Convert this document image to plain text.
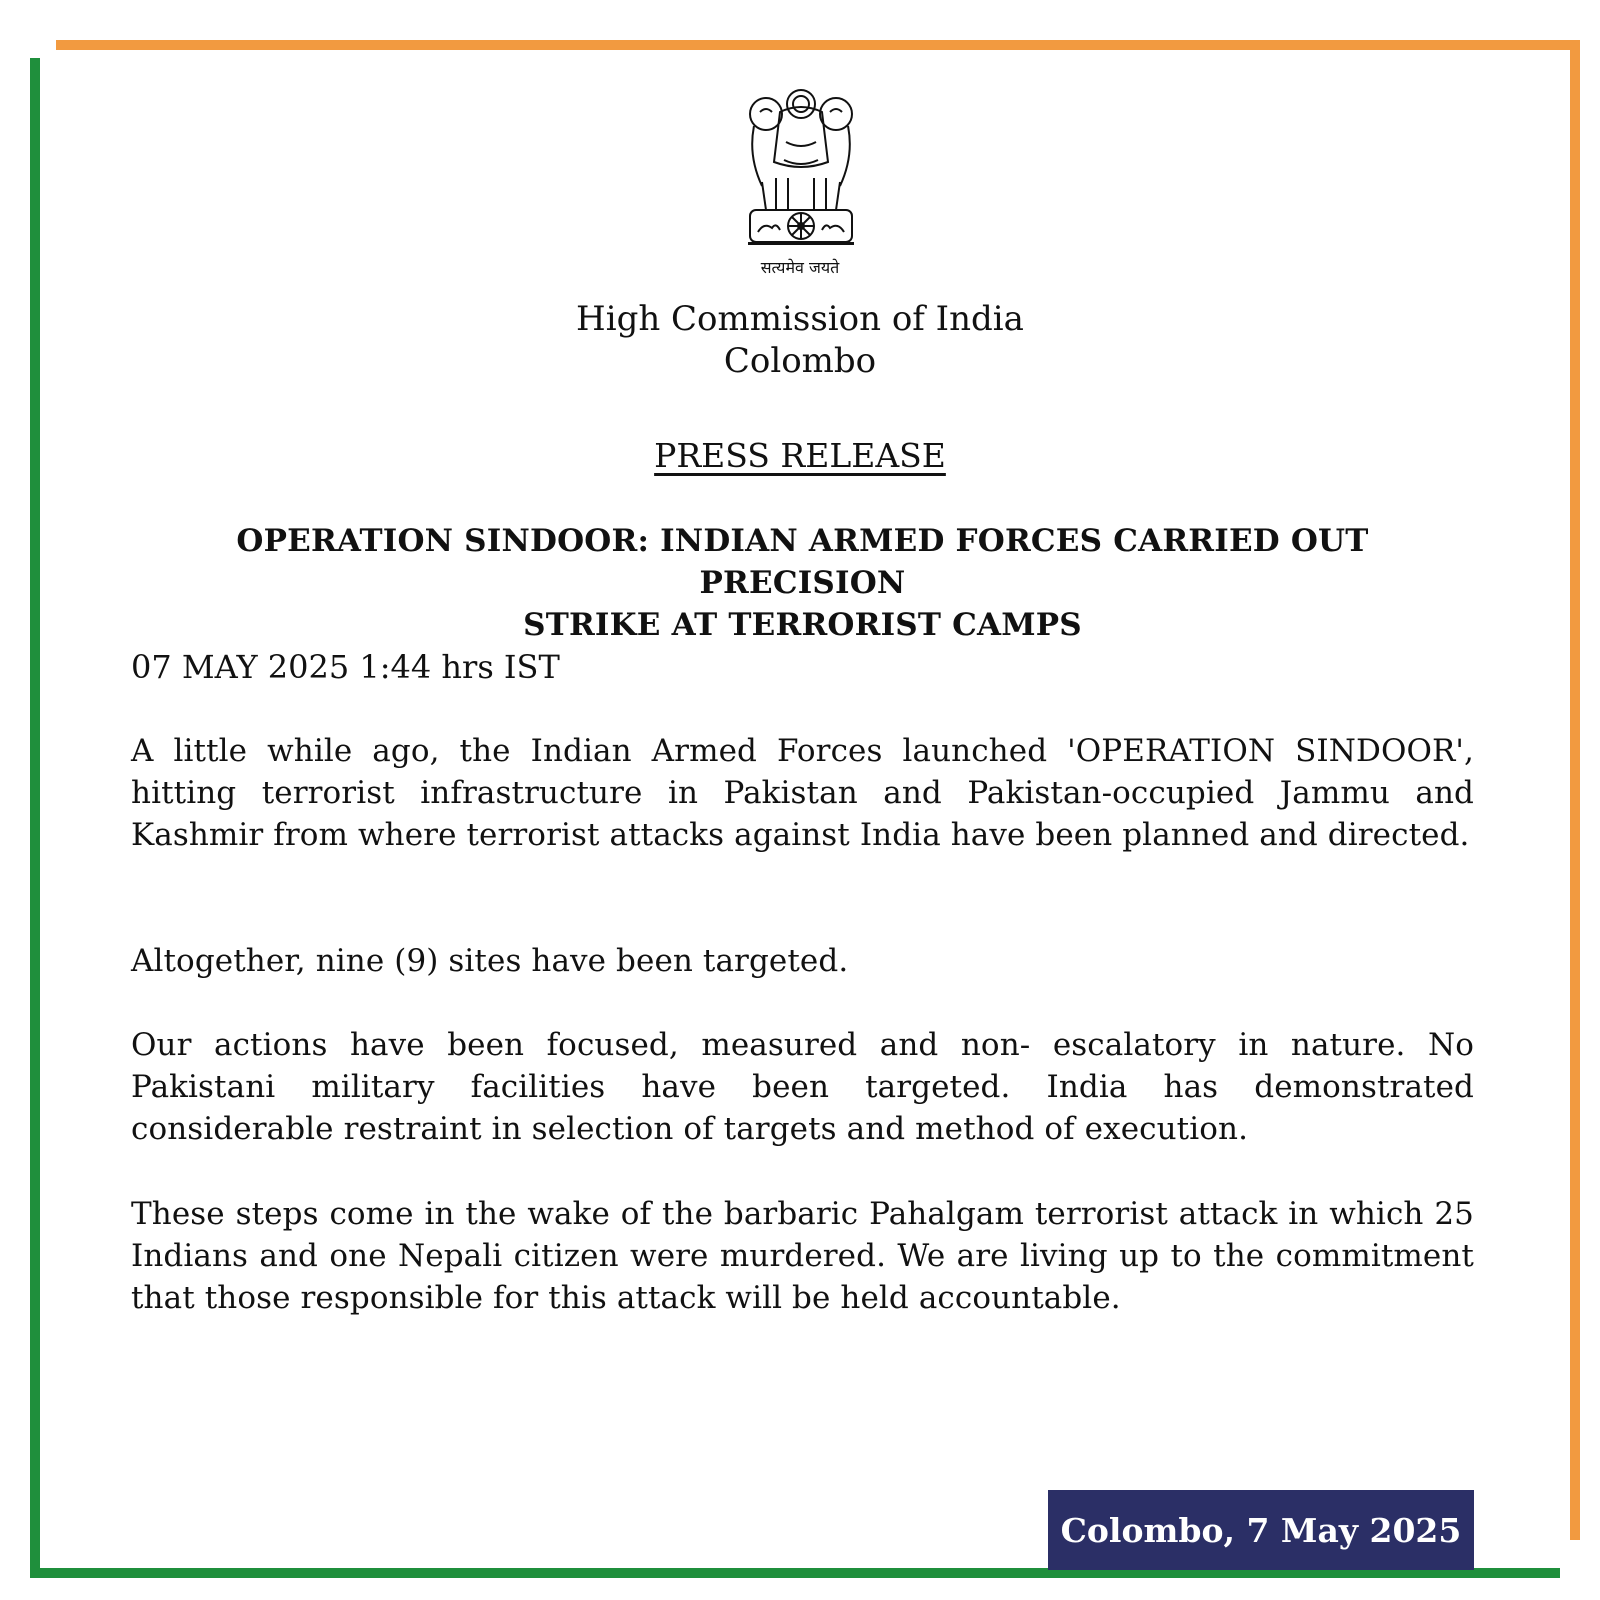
सत्यमेव जयते
High Commission of India
Colombo
PRESS RELEASE
OPERATION SINDOOR: INDIAN ARMED FORCES CARRIED OUT PRECISION
STRIKE AT TERRORIST CAMPS
07 MAY 2025 1:44 hrs IST
A little while ago, the Indian Armed Forces launched 'OPERATION SINDOOR', hitting terrorist infrastructure in Pakistan and Pakistan-occupied Jammu and Kashmir from where terrorist attacks against India have been planned and directed.
Altogether, nine (9) sites have been targeted.
Our actions have been focused, measured and non- escalatory in nature. No Pakistani military facilities have been targeted. India has demonstrated considerable restraint in selection of targets and method of execution.
These steps come in the wake of the barbaric Pahalgam terrorist attack in which 25 Indians and one Nepali citizen were murdered. We are living up to the commitment that those responsible for this attack will be held accountable.
Colombo, 7 May 2025
